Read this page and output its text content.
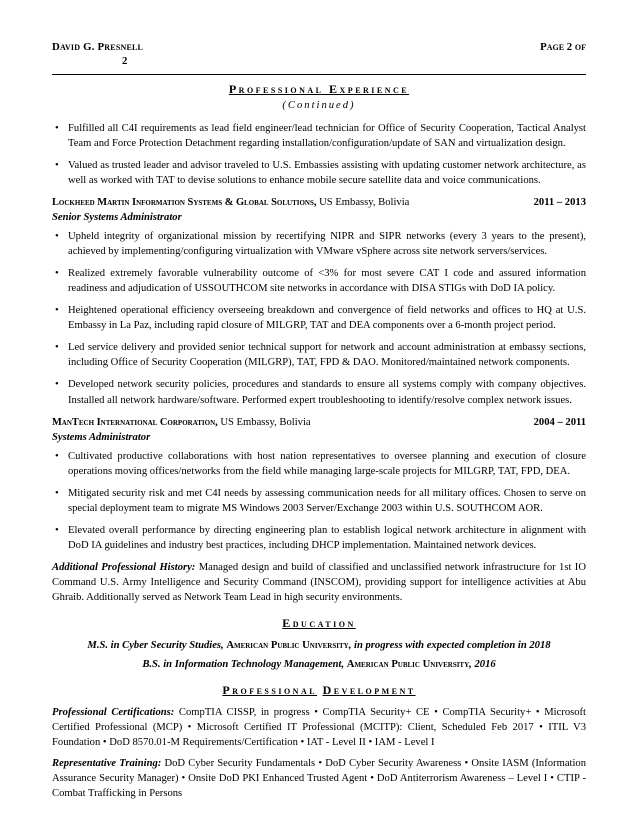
David G. Presnell	Page 2 of
2
Professional Experience
(Continued)
• Fulfilled all C4I requirements as lead field engineer/lead technician for Office of Security Cooperation, Tactical Analyst Team and Force Protection Detachment regarding installation/configuration/update of SAN and virtualization design.
• Valued as trusted leader and advisor traveled to U.S. Embassies assisting with updating customer network architecture, as well as worked with TAT to devise solutions to enhance mobile secure satellite data and voice communications.
Lockheed Martin Information Systems & Global Solutions, US Embassy, Bolivia	2011 – 2013
Senior Systems Administrator
• Upheld integrity of organizational mission by recertifying NIPR and SIPR networks (every 3 years to the present), achieved by implementing/configuring virtualization with VMware vSphere across site network servers/services.
• Realized extremely favorable vulnerability outcome of <3% for most severe CAT I code and assured information readiness and adjudication of USSOUTHCOM site networks in accordance with DISA STIGs with DoD IA policy.
• Heightened operational efficiency overseeing breakdown and convergence of field networks and offices to HQ at U.S. Embassy in La Paz, including rapid closure of MILGRP, TAT and DEA components over a 6-month project period.
• Led service delivery and provided senior technical support for network and account administration at embassy sections, including Office of Security Cooperation (MILGRP), TAT, FPD & DAO. Monitored/maintained network components.
• Developed network security policies, procedures and standards to ensure all systems comply with company objectives. Installed all network hardware/software. Performed expert troubleshooting to identify/resolve complex network issues.
ManTech International Corporation, US Embassy, Bolivia	2004 – 2011
Systems Administrator
• Cultivated productive collaborations with host nation representatives to oversee planning and execution of closure operations moving offices/networks from the field while managing large-scale projects for MILGRP, TAT, FPD, DEA.
• Mitigated security risk and met C4I needs by assessing communication needs for all military offices. Chosen to serve on special deployment team to migrate MS Windows 2003 Server/Exchange 2003 within U.S. SOUTHCOM AOR.
• Elevated overall performance by directing engineering plan to establish logical network architecture in alignment with DoD IA guidelines and industry best practices, including DHCP implementation. Maintained network devices.

Additional Professional History: Managed design and build of classified and unclassified network infrastructure for 1st IO Command U.S. Army Intelligence and Security Command (INSCOM), providing support for intelligence activities at Abu Ghraib. Additionally served as Network Team Lead in high security environments.

Education
M.S. in Cyber Security Studies, American Public University, in progress with expected completion in 2018
B.S. in Information Technology Management, American Public University, 2016
Professional Development

Professional Certifications: CompTIA CISSP, in progress • CompTIA Security+ CE • CompTIA Security+ • Microsoft Certified Professional (MCP) • Microsoft Certified IT Professional (MCITP): Client, Scheduled Feb 2017 • ITIL V3 Foundation • DoD 8570.01-M Requirements/Certification • IAT - Level II • IAM - Level I

Representative Training: DoD Cyber Security Fundamentals • DoD Cyber Security Awareness • Onsite IASM (Information Assurance Security Manager) • Onsite DoD PKI Enhanced Trusted Agent • DoD Antiterrorism Awareness – Level I • CTIP - Combat Trafficking in Persons
